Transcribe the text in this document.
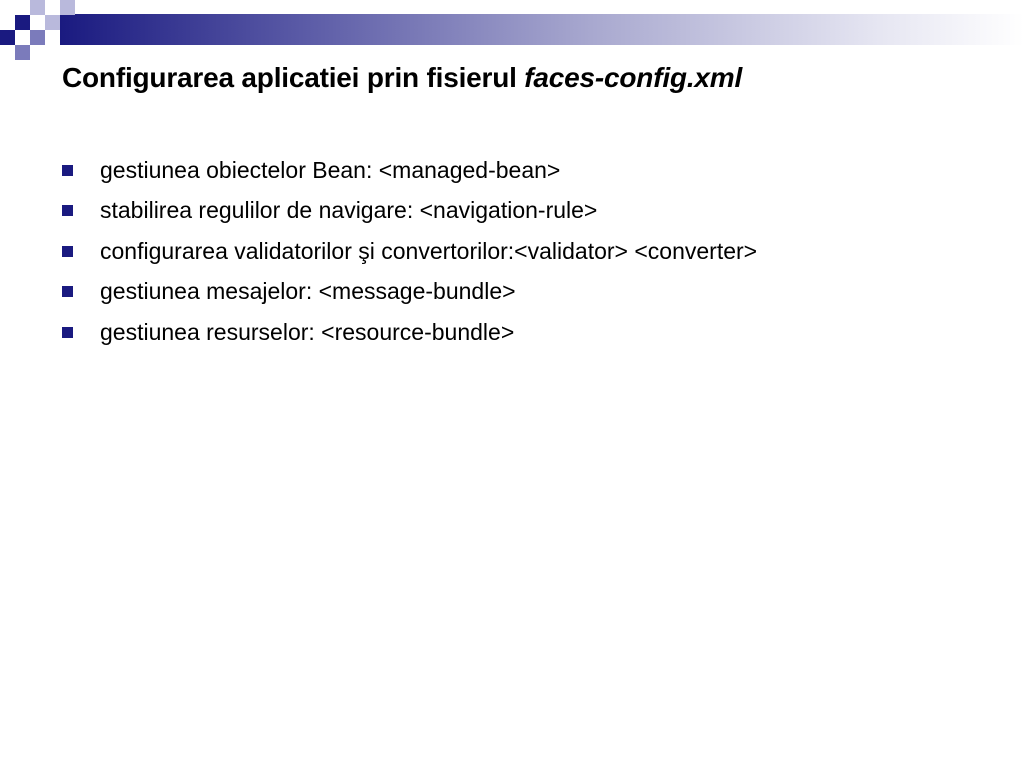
Configurarea aplicatiei prin fisierul faces-config.xml
gestiunea obiectelor Bean: <managed-bean>
stabilirea regulilor de navigare: <navigation-rule>
configurarea validatorilor şi convertorilor:<validator> <converter>
gestiunea mesajelor: <message-bundle>
gestiunea resurselor: <resource-bundle>
